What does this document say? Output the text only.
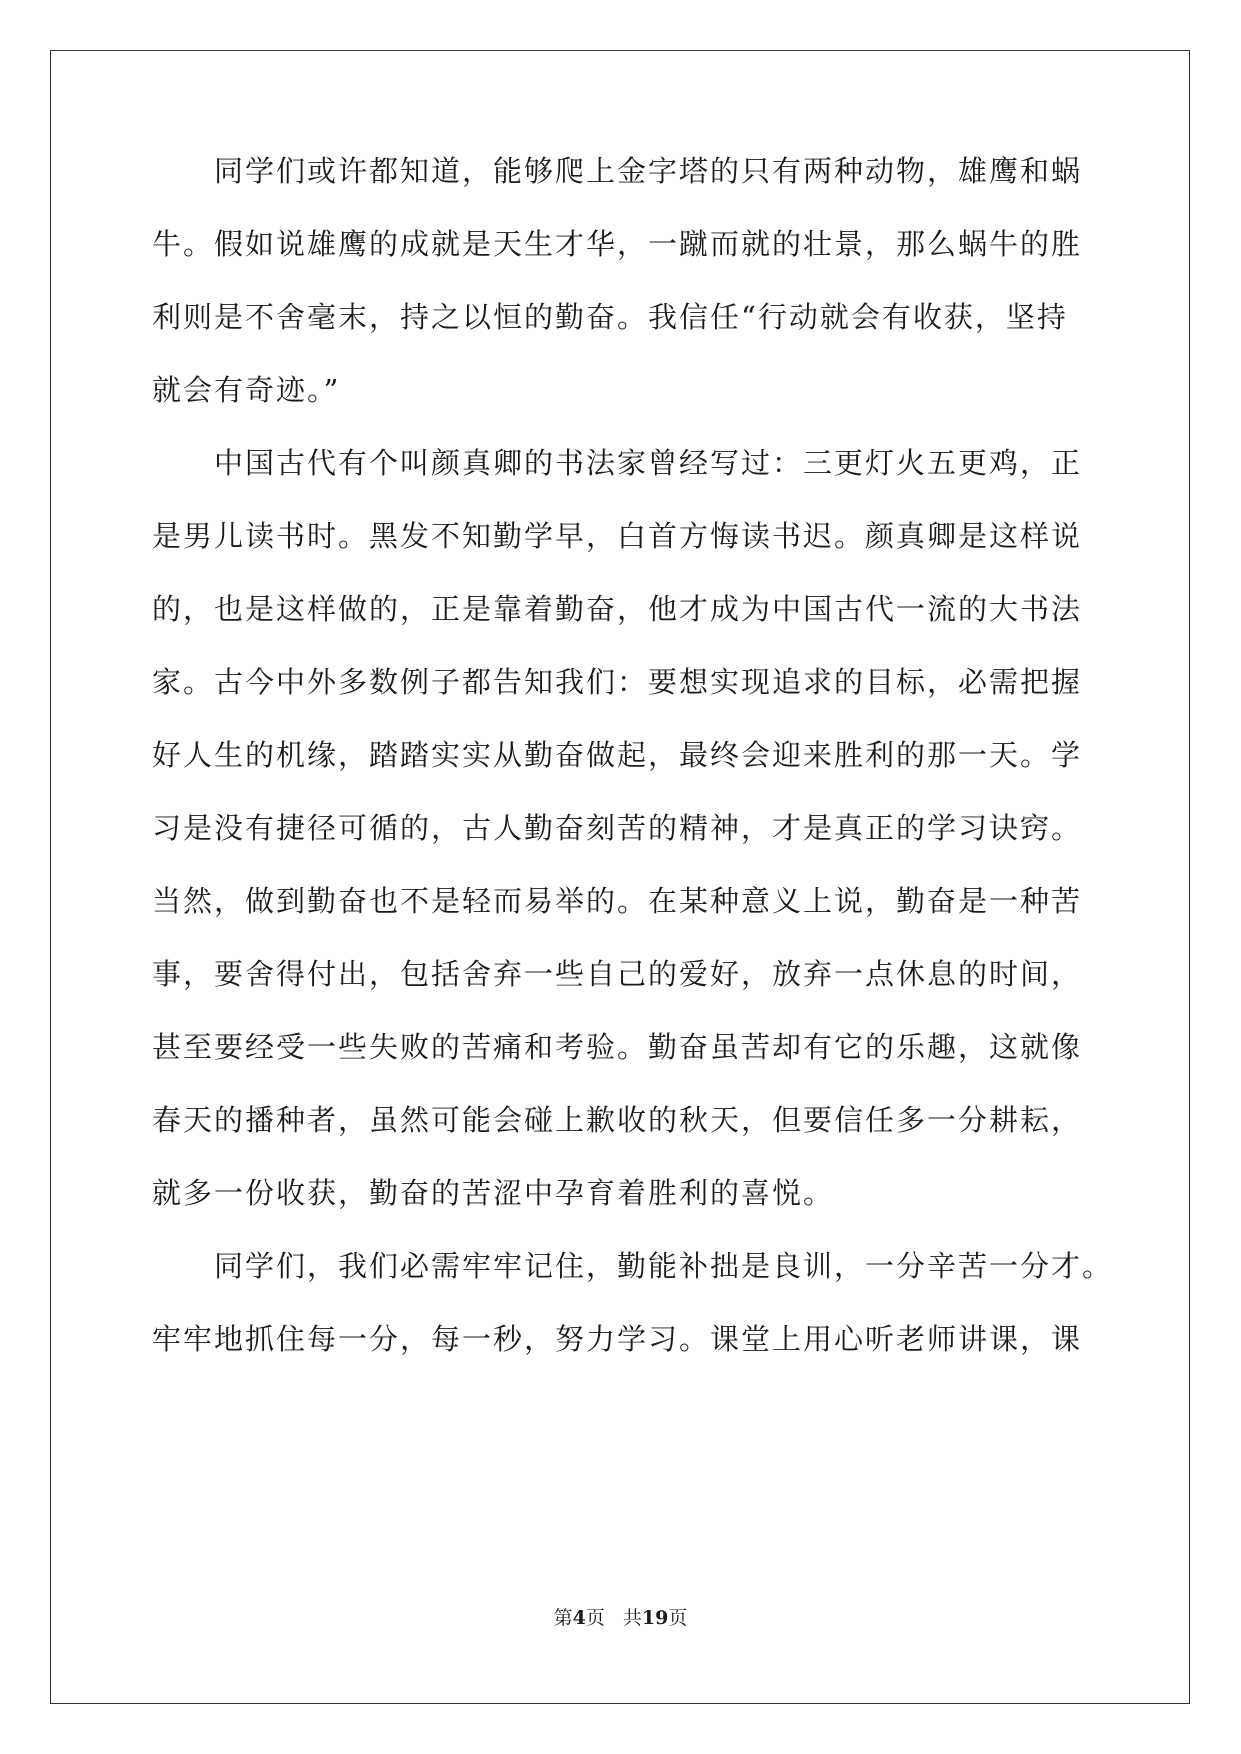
　　同学们或许都知道，能够爬上金字塔的只有两种动物，雄鹰和蜗
牛。假如说雄鹰的成就是天生才华，一蹴而就的壮景，那么蜗牛的胜
利则是不舍毫末，持之以恒的勤奋。我信任“行动就会有收获，坚持
就会有奇迹。”
　　中国古代有个叫颜真卿的书法家曾经写过：三更灯火五更鸡，正
是男儿读书时。黑发不知勤学早，白首方悔读书迟。颜真卿是这样说
的，也是这样做的，正是靠着勤奋，他才成为中国古代一流的大书法
家。古今中外多数例子都告知我们：要想实现追求的目标，必需把握
好人生的机缘，踏踏实实从勤奋做起，最终会迎来胜利的那一天。学
习是没有捷径可循的，古人勤奋刻苦的精神，才是真正的学习诀窍。
当然，做到勤奋也不是轻而易举的。在某种意义上说，勤奋是一种苦
事，要舍得付出，包括舍弃一些自己的爱好，放弃一点休息的时间，
甚至要经受一些失败的苦痛和考验。勤奋虽苦却有它的乐趣，这就像
春天的播种者，虽然可能会碰上歉收的秋天，但要信任多一分耕耘，
就多一份收获，勤奋的苦涩中孕育着胜利的喜悦。
　　同学们，我们必需牢牢记住，勤能补拙是良训，一分辛苦一分才。
牢牢地抓住每一分，每一秒，努力学习。课堂上用心听老师讲课，课
第4页 共19页
